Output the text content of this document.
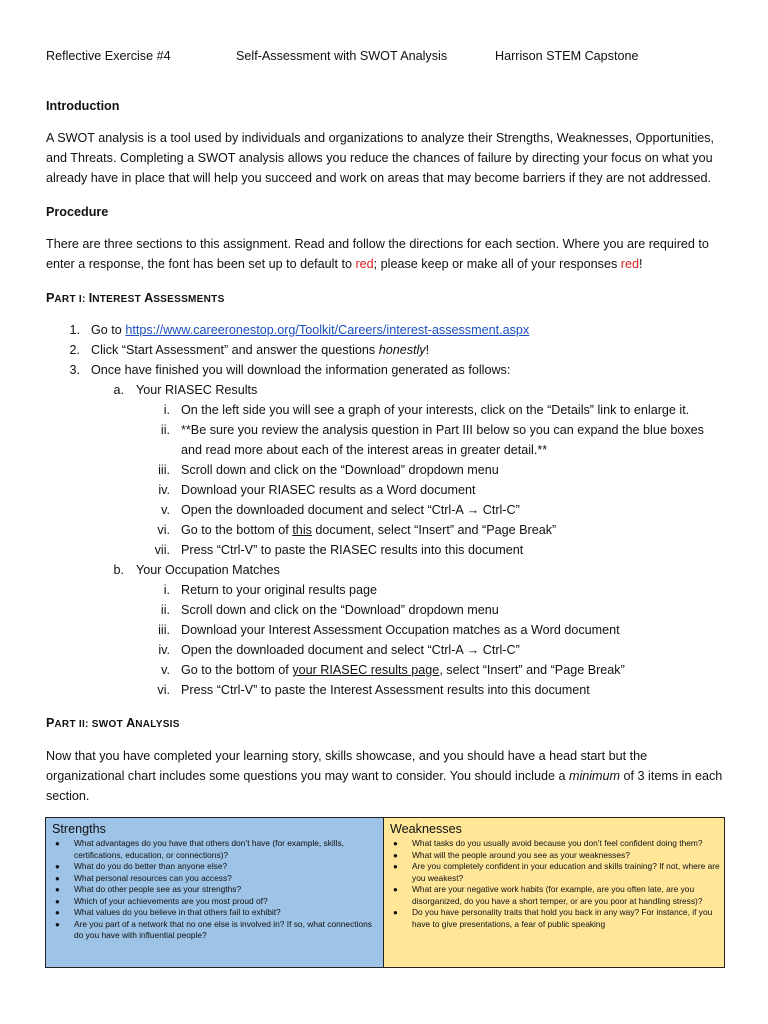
Reflective Exercise #4	Self-Assessment with SWOT Analysis	Harrison STEM Capstone
Introduction
A SWOT analysis is a tool used by individuals and organizations to analyze their Strengths, Weaknesses, Opportunities, and Threats. Completing a SWOT analysis allows you reduce the chances of failure by directing your focus on what you already have in place that will help you succeed and work on areas that may become barriers if they are not addressed.
Procedure
There are three sections to this assignment. Read and follow the directions for each section. Where you are required to enter a response, the font has been set up to default to red; please keep or make all of your responses red!
PART I: INTEREST ASSESSMENTS
1. Go to https://www.careeronestop.org/Toolkit/Careers/interest-assessment.aspx
2. Click “Start Assessment” and answer the questions honestly!
3. Once have finished you will download the information generated as follows:
a. Your RIASEC Results
i. On the left side you will see a graph of your interests, click on the “Details” link to enlarge it.
ii. **Be sure you review the analysis question in Part III below so you can expand the blue boxes
and read more about each of the interest areas in greater detail.**
iii. Scroll down and click on the “Download” dropdown menu
iv. Download your RIASEC results as a Word document
v. Open the downloaded document and select “Ctrl-A → Ctrl-C”
vi. Go to the bottom of this document, select “Insert” and “Page Break”
vii. Press “Ctrl-V” to paste the RIASEC results into this document
b. Your Occupation Matches
i. Return to your original results page
ii. Scroll down and click on the “Download” dropdown menu
iii. Download your Interest Assessment Occupation matches as a Word document
iv. Open the downloaded document and select “Ctrl-A → Ctrl-C”
v. Go to the bottom of your RIASEC results page, select “Insert” and “Page Break”
vi. Press “Ctrl-V” to paste the Interest Assessment results into this document
PART II: SWOT ANALYSIS
Now that you have completed your learning story, skills showcase, and you should have a head start but the organizational chart includes some questions you may want to consider. You should include a minimum of 3 items in each section.
Strengths
● What advantages do you have that others don’t have (for example, skills, certifications, education, or connections)?
● What do you do better than anyone else?
● What personal resources can you access?
● What do other people see as your strengths?
● Which of your achievements are you most proud of?
● What values do you believe in that others fail to exhibit?
● Are you part of a network that no one else is involved in? If so, what connections do you have with influential people?
Weaknesses
● What tasks do you usually avoid because you don’t feel confident doing them?
● What will the people around you see as your weaknesses?
● Are you completely confident in your education and skills training? If not, where are you weakest?
● What are your negative work habits (for example, are you often late, are you disorganized, do you have a short temper, or are you poor at handling stress)?
● Do you have personality traits that hold you back in any way? For instance, if you have to give presentations, a fear of public speaking
